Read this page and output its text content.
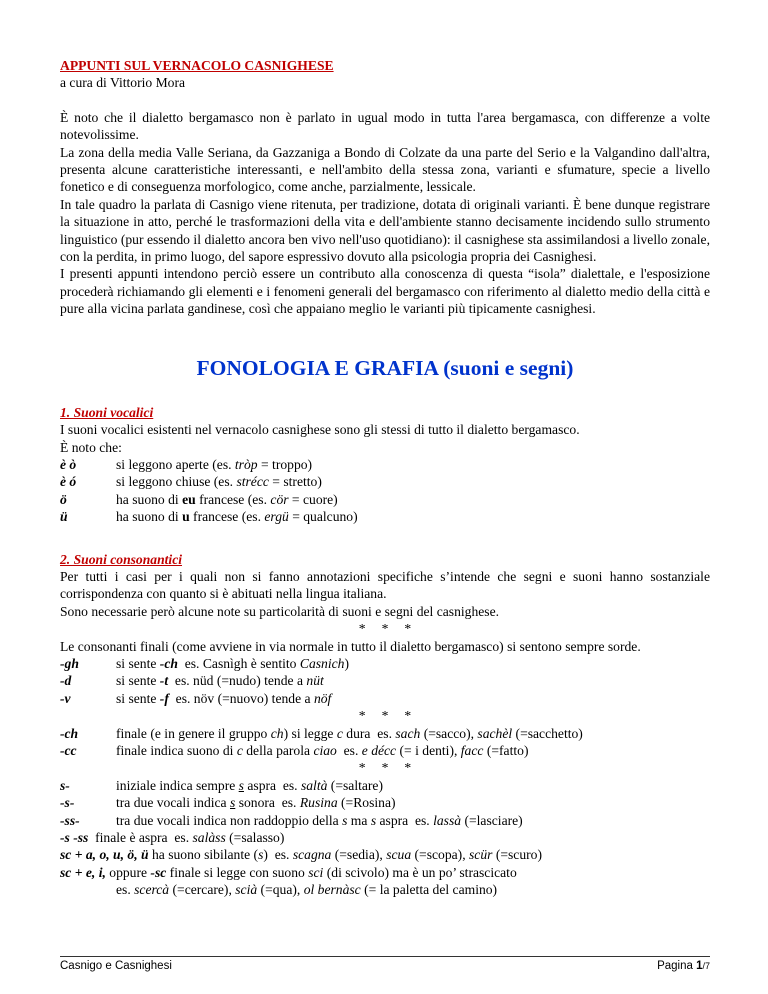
APPUNTI SUL VERNACOLO CASNIGHESE
a cura di Vittorio Mora

È noto che il dialetto bergamasco non è parlato in ugual modo in tutta l'area bergamasca, con differenze a volte notevolissime.

La zona della media Valle Seriana, da Gazzaniga a Bondo di Colzate da una parte del Serio e la Valgandino dall'altra, presenta alcune caratteristiche interessanti, e nell'ambito della stessa zona, varianti e sfumature, specie a livello fonetico e di conseguenza morfologico, come anche, parzialmente, lessicale.

In tale quadro la parlata di Casnigo viene ritenuta, per tradizione, dotata di originali varianti. È bene dunque registrare la situazione in atto, perché le trasformazioni della vita e dell'ambiente stanno decisamente incidendo sullo strumento linguistico (pur essendo il dialetto ancora ben vivo nell'uso quotidiano): il casnighese sta assimilandosi a livello zonale, con la perdita, in primo luogo, del sapore espressivo dovuto alla psicologia propria dei Casnighesi.

I presenti appunti intendono perciò essere un contributo alla conoscenza di questa “isola” dialettale, e l'esposizione procederà richiamando gli elementi e i fenomeni generali del bergamasco con riferimento al dialetto medio della città e pure alla vicina parlata gandinese, così che appaiano meglio le varianti più tipicamente casnighesi.

FONOLOGIA E GRAFIA (suoni e segni)
1. Suoni vocalici

I suoni vocalici esistenti nel vernacolo casnighese sono gli stessi di tutto il dialetto bergamasco.

È noto che:

è ò	si leggono aperte (es. tròp = troppo)
è ó	si leggono chiuse (es. strécc = stretto)
ö	ha suono di eu francese (es. cör = cuore)
ü	ha suono di u francese (es. ergü = qualcuno)
2. Suoni consonantici

Per tutti i casi per i quali non si fanno annotazioni specifiche s’intende che segni e suoni hanno sostanziale corrispondenza con quanto si è abituati nella lingua italiana.

Sono necessarie però alcune note su particolarità di suoni e segni del casnighese.

* * *

Le consonanti finali (come avviene in via normale in tutto il dialetto bergamasco) si sentono sempre sorde.

-gh	si sente -ch  es. Casnìgh è sentito Casnich)
-d	si sente -t  es. nüd (=nudo) tende a nüt
-v	si sente -f  es. növ (=nuovo) tende a nöf
* * *
-ch	finale (e in genere il gruppo ch) si legge c dura  es. sach (=sacco), sachèl (=sacchetto)
-cc	finale indica suono di c della parola ciao  es. e décc (= i denti), facc (=fatto)
* * *
s-	iniziale indica sempre s aspra  es. saltà (=saltare)
-s-	tra due vocali indica s sonora  es. Rusina (=Rosina)
-ss-	tra due vocali indica non raddoppio della s ma s aspra  es. lassà (=lasciare)
-s -ss  finale è aspra  es. salàss (=salasso)
sc + a, o, u, ö, ü ha suono sibilante (s)  es. scagna (=sedia), scua (=scopa), scür (=scuro)
sc + e, i, oppure -sc finale si legge con suono sci (di scivolo) ma è un po’ strascicato
es. scercà (=cercare), scià (=qua), ol bernàsc (= la paletta del camino)
Casnigo e Casnighesi	Pagina 1/7
